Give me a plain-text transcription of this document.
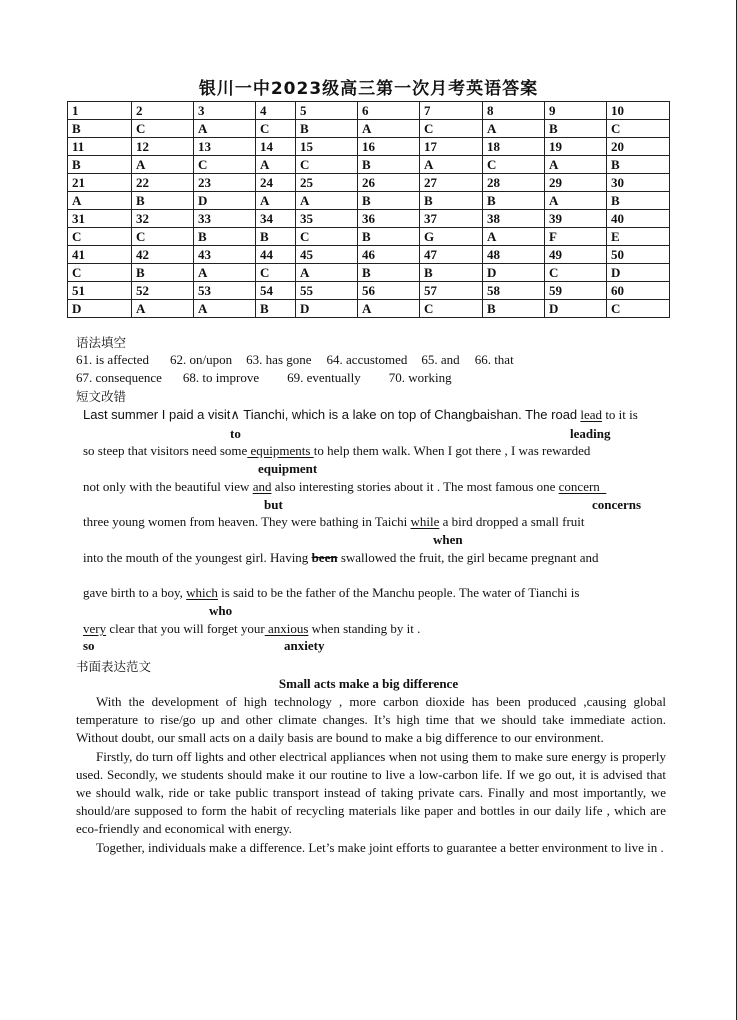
银川一中2023级高三第一次月考英语答案
1	2	3	4	5	6	7	8	9	10
B	C	A	C	B	A	C	A	B	C
11	12	13	14	15	16	17	18	19	20
B	A	C	A	C	B	A	C	A	B
21	22	23	24	25	26	27	28	29	30
A	B	D	A	A	B	B	B	A	B
31	32	33	34	35	36	37	38	39	40
C	C	B	B	C	B	G	A	F	E
41	42	43	44	45	46	47	48	49	50
C	B	A	C	A	B	B	D	C	D
51	52	53	54	55	56	57	58	59	60
D	A	A	B	D	A	C	B	D	C
语法填空
61. is affected 62. on/upon 63. has gone 64. accustomed 65. and 66. that
67. consequence 68. to improve 69. eventually 70. working
短文改错
Last summer I paid a visit∧ Tianchi, which is a lake on top of Changbaishan. The road lead to it is
to	leading
so steep that visitors need some equipments to help them walk. When I got there , I was rewarded
equipment
not only with the beautiful view and also interesting stories about it . The most famous one concern
but	concerns
three young women from heaven. They were bathing in Taichi while a bird dropped a small fruit
when
into the mouth of the youngest girl. Having been swallowed the fruit, the girl became pregnant and
gave birth to a boy, which is said to be the father of the Manchu people. The water of Tianchi is
who
very clear that you will forget your anxious when standing by it .
so	anxiety
书面表达范文
Small acts make a big difference

With the development of high technology , more carbon dioxide has been produced ,causing global temperature to rise/go up and other climate changes. It’s high time that we should take immediate action. Without doubt, our small acts on a daily basis are bound to make a big difference to our environment.

Firstly, do turn off lights and other electrical appliances when not using them to make sure energy is properly used. Secondly, we students should make it our routine to live a low-carbon life. If we go out, it is advised that we should walk, ride or take public transport instead of taking private cars. Finally and most importantly, we should/are supposed to form the habit of recycling materials like paper and bottles in our daily life , which are eco-friendly and economical with energy.

Together, individuals make a difference. Let’s make joint efforts to guarantee a better environment to live in .
